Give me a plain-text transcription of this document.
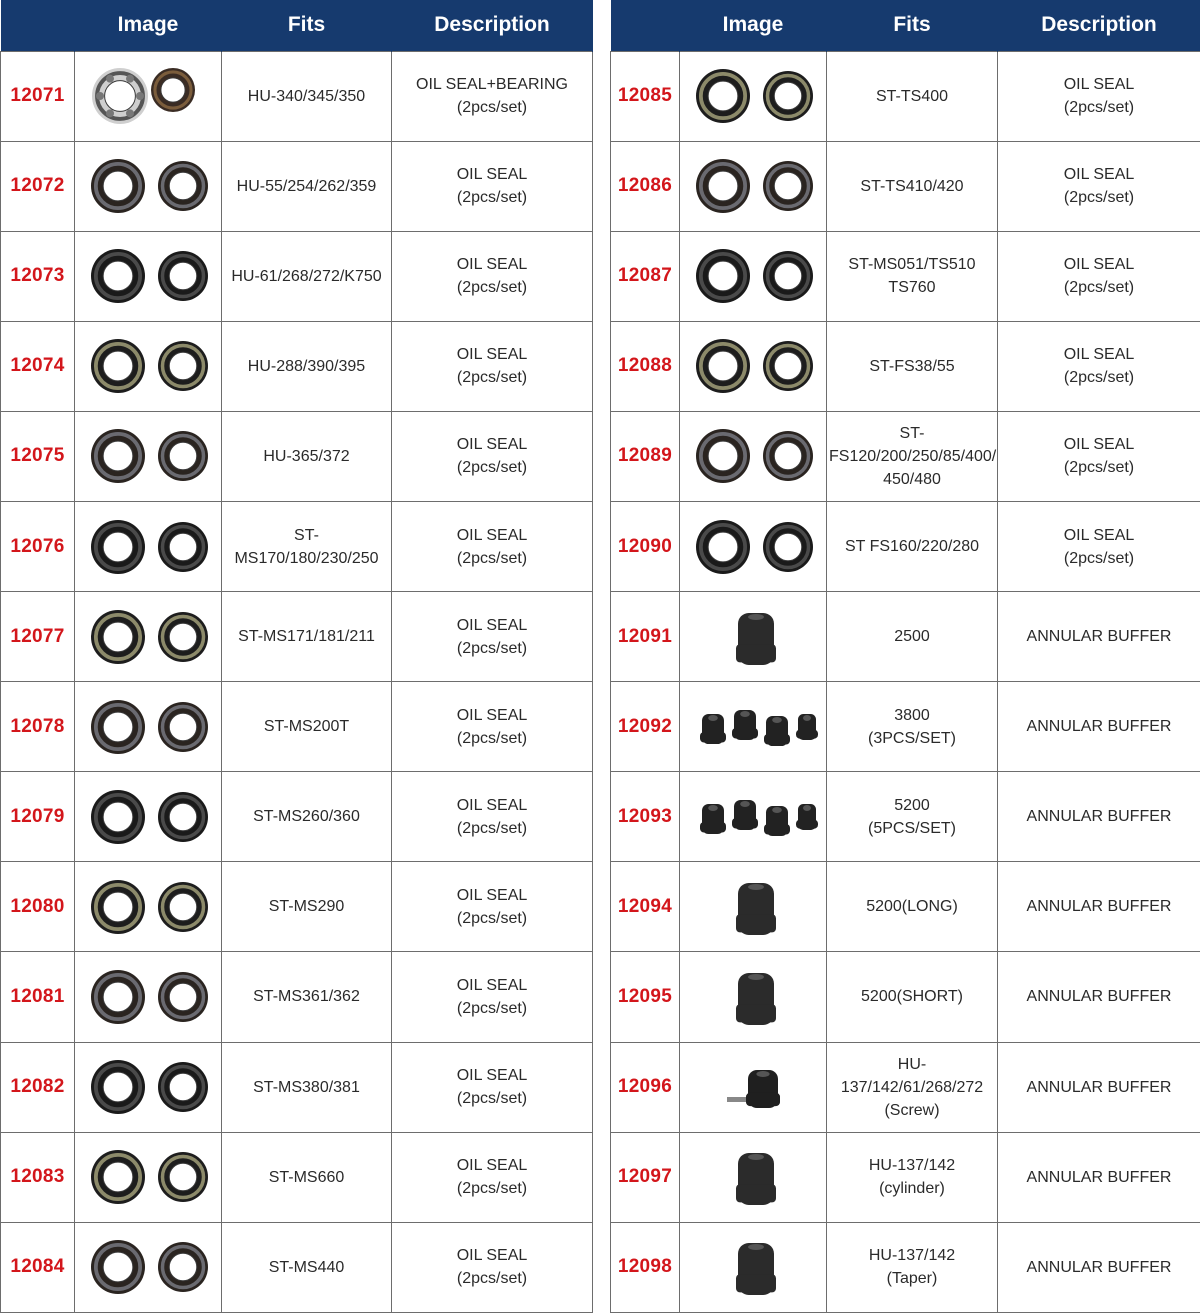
	Image	Fits	Description
12071		HU-340/345/350	OIL SEAL+BEARING
(2pcs/set)

12072		HU-55/254/262/359	OIL SEAL
(2pcs/set)

12073		HU-61/268/272/K750	OIL SEAL
(2pcs/set)

12074		HU-288/390/395	OIL SEAL
(2pcs/set)

12075		HU-365/372	OIL SEAL
(2pcs/set)

12076		ST-MS170/180/230/250	OIL SEAL
(2pcs/set)

12077		ST-MS171/181/211	OIL SEAL
(2pcs/set)

12078		ST-MS200T	OIL SEAL
(2pcs/set)

12079		ST-MS260/360	OIL SEAL
(2pcs/set)

12080		ST-MS290	OIL SEAL
(2pcs/set)

12081		ST-MS361/362	OIL SEAL
(2pcs/set)

12082		ST-MS380/381	OIL SEAL
(2pcs/set)

12083		ST-MS660	OIL SEAL
(2pcs/set)

12084		ST-MS440	OIL SEAL
(2pcs/set)
	Image	Fits	Description
12085		ST-TS400	OIL SEAL
(2pcs/set)

12086		ST-TS410/420	OIL SEAL
(2pcs/set)

12087		ST-MS051/TS510
TS760	OIL SEAL
(2pcs/set)

12088		ST-FS38/55	OIL SEAL
(2pcs/set)

12089		ST-
FS120/200/250/85/400/
450/480	OIL SEAL
(2pcs/set)

12090		ST FS160/220/280	OIL SEAL
(2pcs/set)

12091		2500	ANNULAR BUFFER

12092		3800
(3PCS/SET)	ANNULAR BUFFER

12093		5200
(5PCS/SET)	ANNULAR BUFFER

12094		5200(LONG)	ANNULAR BUFFER

12095		5200(SHORT)	ANNULAR BUFFER

12096		HU-137/142/61/268/272
(Screw)	ANNULAR BUFFER

12097		HU-137/142
(cylinder)	ANNULAR BUFFER

12098		HU-137/142
(Taper)	ANNULAR BUFFER
